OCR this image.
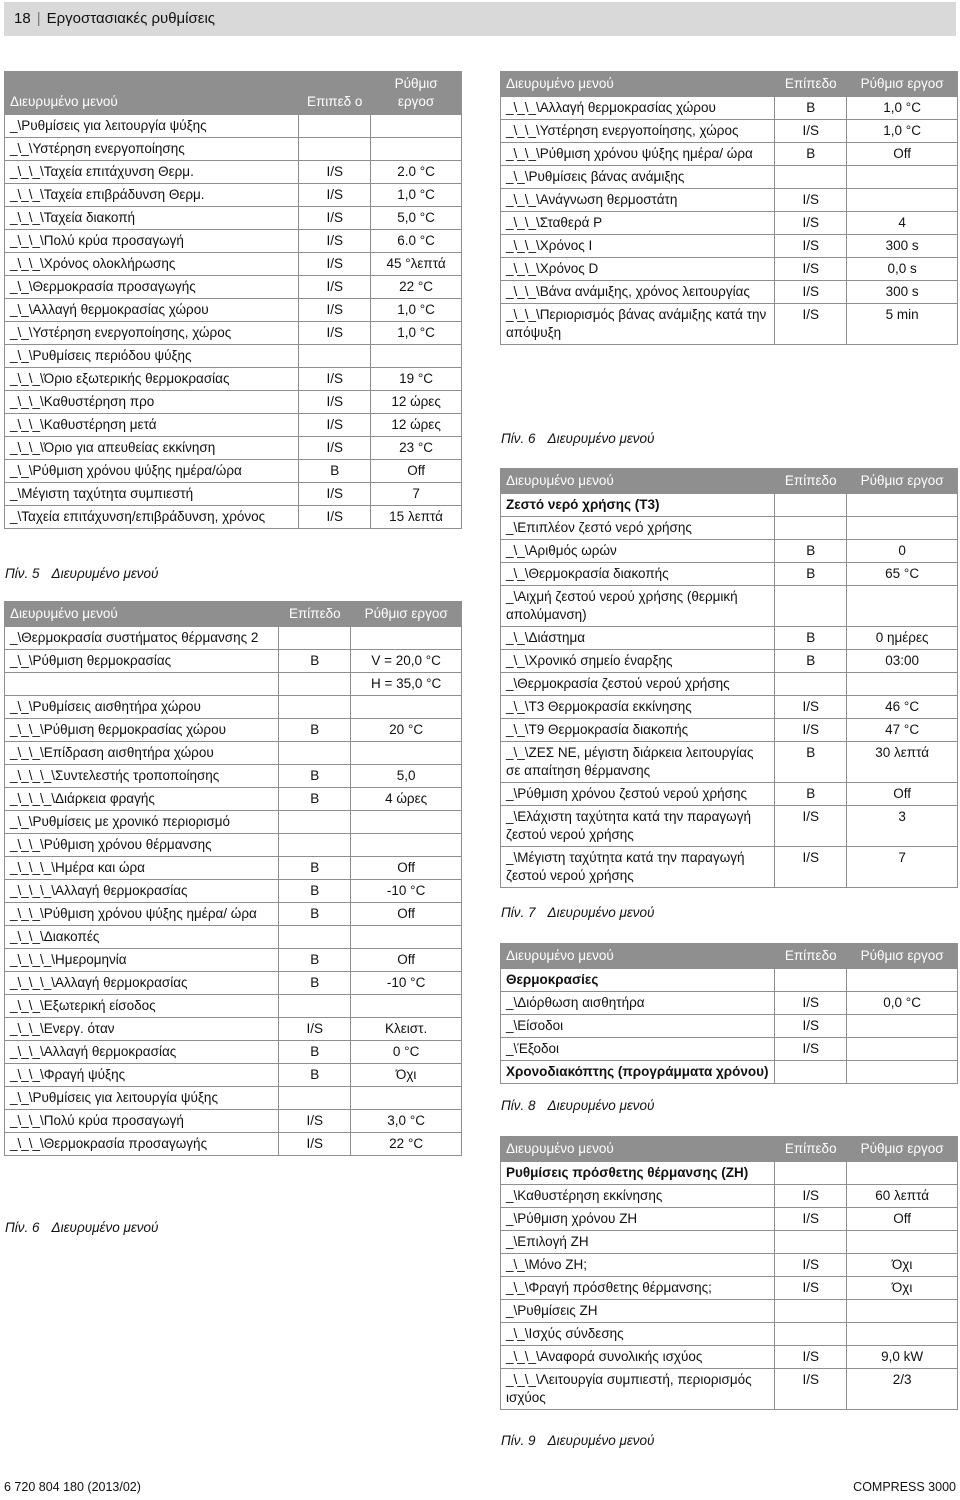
18 | Εργοστασιακές ρυθμίσεις
Διευρυμένο μενού	Επιπεδ ο	Ρύθμισ εργοσ
_\Ρυθμίσεις για λειτουργία ψύξης		
_\_\Υστέρηση ενεργοποίησης		
_\_\_\Ταχεία επιτάχυνση Θερμ.	I/S	2.0 °C
_\_\_\Ταχεία επιβράδυνση Θερμ.	I/S	1,0 °C
_\_\_\Ταχεία διακοπή	I/S	5,0 °C
_\_\_\Πολύ κρύα προσαγωγή	I/S	6.0 °C
_\_\_\Χρόνος ολοκλήρωσης	I/S	45 °λεπτά
_\_\Θερμοκρασία προσαγωγής	I/S	22 °C
_\_\Αλλαγή θερμοκρασίας χώρου	I/S	1,0 °C
_\_\Υστέρηση ενεργοποίησης, χώρος	I/S	1,0 °C
_\_\Ρυθμίσεις περιόδου ψύξης		
_\_\_\Όριο εξωτερικής θερμοκρασίας	I/S	19 °C
_\_\_\Καθυστέρηση προ	I/S	12 ώρες
_\_\_\Καθυστέρηση μετά	I/S	12 ώρες
_\_\_\Όριο για απευθείας εκκίνηση	I/S	23 °C
_\_\Ρύθμιση χρόνου ψύξης ημέρα/ώρα	B	Off
_\Μέγιστη ταχύτητα συμπιεστή	I/S	7
_\Ταχεία επιτάχυνση/επιβράδυνση, χρόνος	I/S	15 λεπτά
Πίν. 5 Διευρυμένο μενού
Διευρυμένο μενού	Επίπεδο	Ρύθμισ εργοσ
_\Θερμοκρασία συστήματος θέρμανσης 2		
_\_\Ρύθμιση θερμοκρασίας	B	V = 20,0 °C
		H = 35,0 °C
_\_\Ρυθμίσεις αισθητήρα χώρου		
_\_\_\Ρύθμιση θερμοκρασίας χώρου	B	20 °C
_\_\_\Επίδραση αισθητήρα χώρου		
_\_\_\_\Συντελεστής τροποποίησης	B	5,0
_\_\_\_\Διάρκεια φραγής	B	4 ώρες
_\_\Ρυθμίσεις με χρονικό περιορισμό		
_\_\_\Ρύθμιση χρόνου θέρμανσης		
_\_\_\_\Ημέρα και ώρα	B	Off
_\_\_\_\Αλλαγή θερμοκρασίας	B	-10 °C
_\_\_\Ρύθμιση χρόνου ψύξης ημέρα/ ώρα	B	Off
_\_\_\Διακοπές		
_\_\_\_\Ημερομηνία	B	Off
_\_\_\_\Αλλαγή θερμοκρασίας	B	-10 °C
_\_\_\Εξωτερική είσοδος		
_\_\_\Ενεργ. όταν	I/S	Κλειστ.
_\_\_\Αλλαγή θερμοκρασίας	B	0 °C
_\_\_\Φραγή ψύξης	B	Όχι
_\_\Ρυθμίσεις για λειτουργία ψύξης		
_\_\_\Πολύ κρύα προσαγωγή	I/S	3,0 °C
_\_\_\Θερμοκρασία προσαγωγής	I/S	22 °C
Πίν. 6 Διευρυμένο μενού
Διευρυμένο μενού	Επίπεδο	Ρύθμισ εργοσ
_\_\_\Αλλαγή θερμοκρασίας χώρου	B	1,0 °C
_\_\_\Υστέρηση ενεργοποίησης, χώρος	I/S	1,0 °C
_\_\_\Ρύθμιση χρόνου ψύξης ημέρα/ ώρα	B	Off
_\_\Ρυθμίσεις βάνας ανάμιξης		
_\_\_\Ανάγνωση θερμοστάτη	I/S	
_\_\_\Σταθερά P	I/S	4
_\_\_\Χρόνος I	I/S	300 s
_\_\_\Χρόνος D	I/S	0,0 s
_\_\_\Βάνα ανάμιξης, χρόνος λειτουργίας	I/S	300 s
_\_\_\Περιορισμός βάνας ανάμιξης κατά την απόψυξη	I/S	5 min
Πίν. 6 Διευρυμένο μενού
Διευρυμένο μενού	Επίπεδο	Ρύθμισ εργοσ
Ζεστό νερό χρήσης (T3)		
_\Επιπλέον ζεστό νερό χρήσης		
_\_\Αριθμός ωρών	B	0
_\_\Θερμοκρασία διακοπής	B	65 °C
_\Αιχμή ζεστού νερού χρήσης (θερμική απολύμανση)		
_\_\Διάστημα	B	0 ημέρες
_\_\Χρονικό σημείο έναρξης	B	03:00
_\Θερμοκρασία ζεστού νερού χρήσης		
_\_\T3 Θερμοκρασία εκκίνησης	I/S	46 °C
_\_\T9 Θερμοκρασία διακοπής	I/S	47 °C
_\_\ΖΕΣ ΝΕ, μέγιστη διάρκεια λειτουργίας σε απαίτηση θέρμανσης	B	30 λεπτά
_\Ρύθμιση χρόνου ζεστού νερού χρήσης	B	Off
_\Ελάχιστη ταχύτητα κατά την παραγωγή ζεστού νερού χρήσης	I/S	3
_\Μέγιστη ταχύτητα κατά την παραγωγή ζεστού νερού χρήσης	I/S	7
Πίν. 7 Διευρυμένο μενού
Διευρυμένο μενού	Επίπεδο	Ρύθμισ εργοσ
Θερμοκρασίες		
_\Διόρθωση αισθητήρα	I/S	0,0 °C
_\Είσοδοι	I/S	
_\Έξοδοι	I/S	
Χρονοδιακόπτης (προγράμματα χρόνου)		
Πίν. 8 Διευρυμένο μενού
Διευρυμένο μενού	Επίπεδο	Ρύθμισ εργοσ
Ρυθμίσεις πρόσθετης θέρμανσης (ZH)		
_\Καθυστέρηση εκκίνησης	I/S	60 λεπτά
_\Ρύθμιση χρόνου ZH	I/S	Off
_\Επιλογή ZH		
_\_\Μόνο ZH;	I/S	Όχι
_\_\Φραγή πρόσθετης θέρμανσης;	I/S	Όχι
_\Ρυθμίσεις ZH		
_\_\Ισχύς σύνδεσης		
_\_\_\Αναφορά συνολικής ισχύος	I/S	9,0 kW
_\_\_\Λειτουργία συμπιεστή, περιορισμός ισχύος	I/S	2/3
Πίν. 9 Διευρυμένο μενού
6 720 804 180 (2013/02)	COMPRESS 3000
